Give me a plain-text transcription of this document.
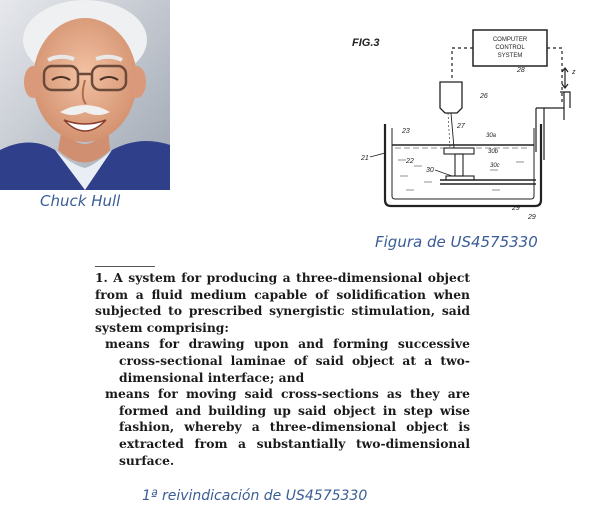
Chuck Hull
FIG.3	COMPUTER
CONTROL
SYSTEM
28
26
27
z
23
21	22
30a
30b
30c
30
29
29
Figura de US4575330

1. A system for producing a three-dimensional object from a fluid medium capable of solidification when subjected to prescribed synergistic stimulation, said system comprising:

means for drawing upon and forming successive cross-sectional laminae of said object at a two-dimensional interface; and

means for moving said cross-sections as they are formed and building up said object in step wise fashion, whereby a three-dimensional object is extracted from a substantially two-dimensional surface.

1ª reivindicación de US4575330
